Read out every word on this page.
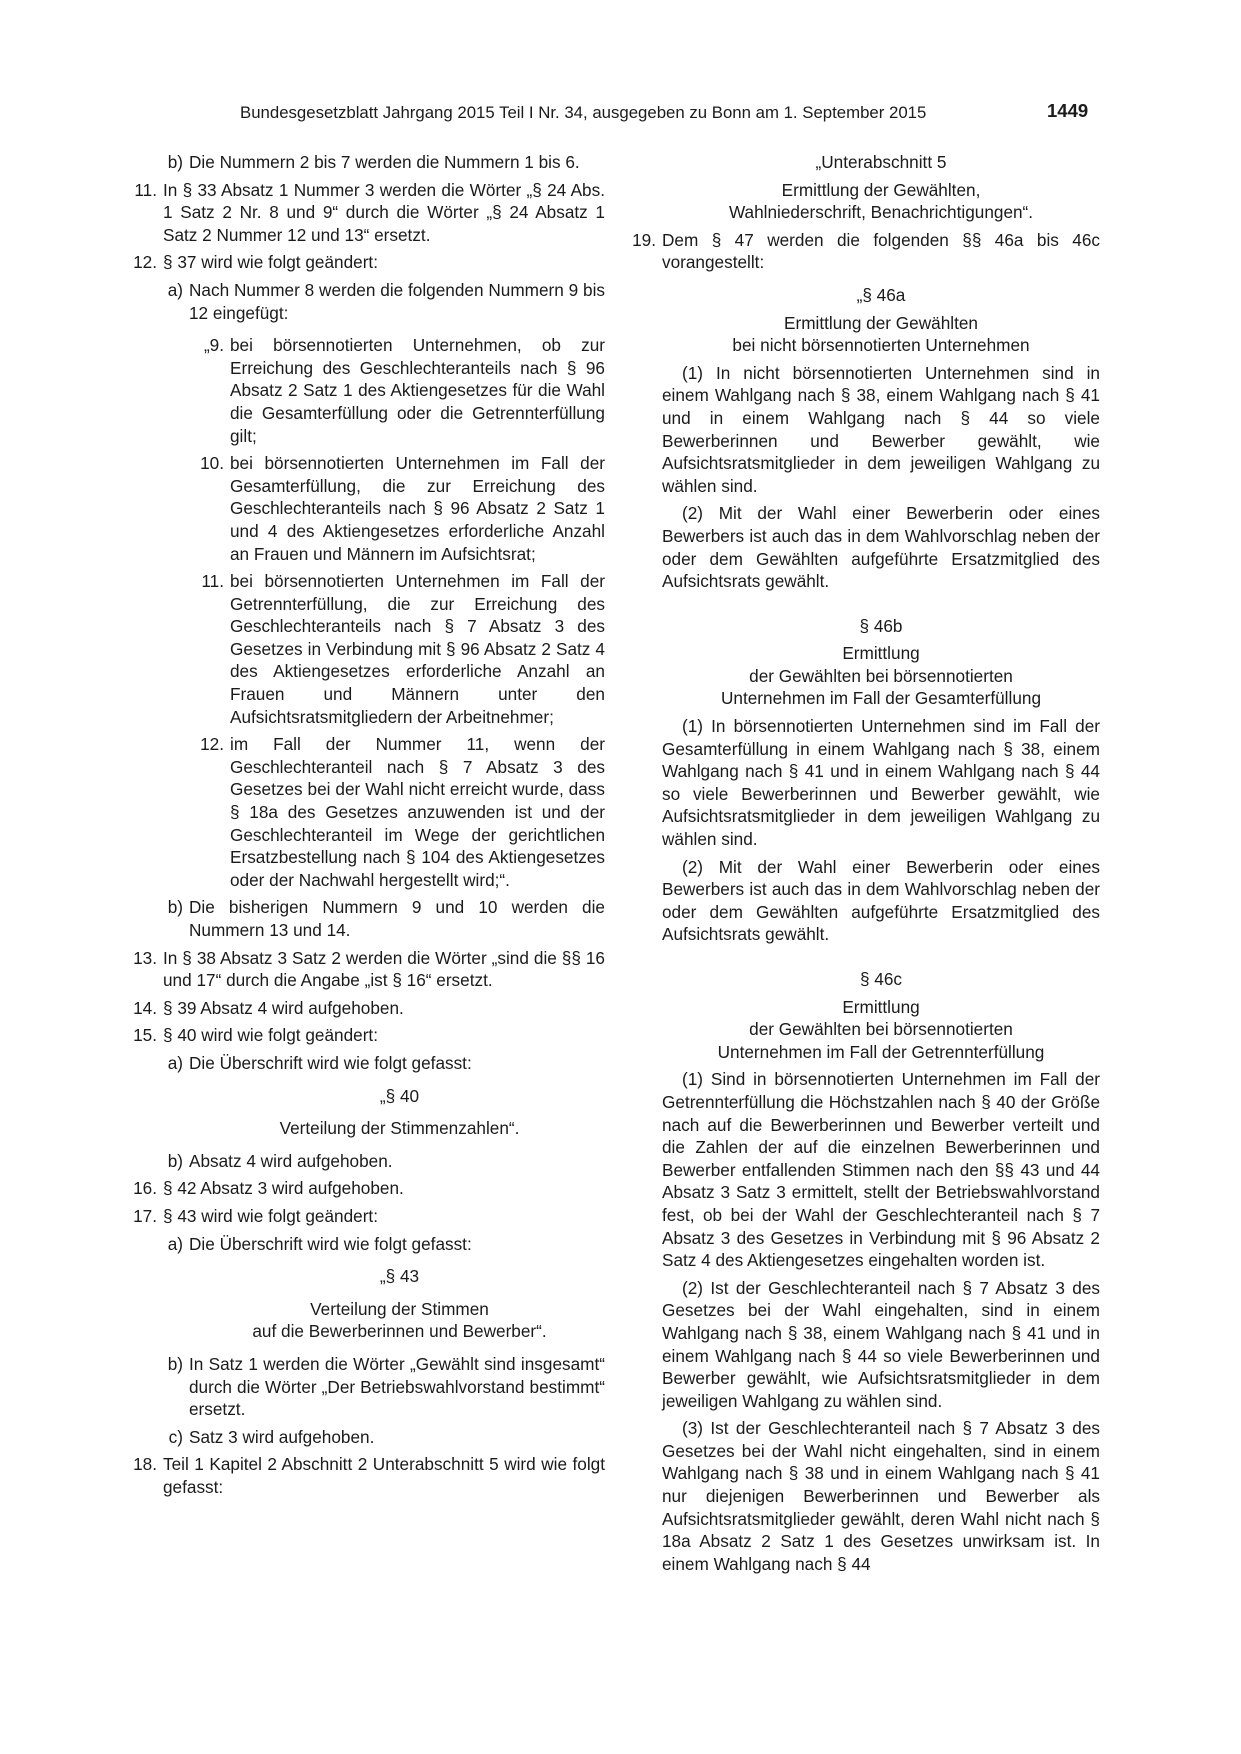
Bundesgesetzblatt Jahrgang 2015 Teil I Nr. 34, ausgegeben zu Bonn am 1. September 2015	1449
b) Die Nummern 2 bis 7 werden die Nummern 1 bis 6.
11. In § 33 Absatz 1 Nummer 3 werden die Wörter „§ 24 Abs. 1 Satz 2 Nr. 8 und 9“ durch die Wörter „§ 24 Absatz 1 Satz 2 Nummer 12 und 13“ ersetzt.
12. § 37 wird wie folgt geändert:
a) Nach Nummer 8 werden die folgenden Nummern 9 bis 12 eingefügt:
„9. bei börsennotierten Unternehmen, ob zur Erreichung des Geschlechteranteils nach § 96 Absatz 2 Satz 1 des Aktiengesetzes für die Wahl die Gesamterfüllung oder die Getrennterfüllung gilt;
10. bei börsennotierten Unternehmen im Fall der Gesamterfüllung, die zur Erreichung des Geschlechteranteils nach § 96 Absatz 2 Satz 1 und 4 des Aktiengesetzes erforderliche Anzahl an Frauen und Männern im Aufsichtsrat;
11. bei börsennotierten Unternehmen im Fall der Getrennterfüllung, die zur Erreichung des Geschlechteranteils nach § 7 Absatz 3 des Gesetzes in Verbindung mit § 96 Absatz 2 Satz 4 des Aktiengesetzes erforderliche Anzahl an Frauen und Männern unter den Aufsichtsratsmitgliedern der Arbeitnehmer;
12. im Fall der Nummer 11, wenn der Geschlechteranteil nach § 7 Absatz 3 des Gesetzes bei der Wahl nicht erreicht wurde, dass § 18a des Gesetzes anzuwenden ist und der Geschlechteranteil im Wege der gerichtlichen Ersatzbestellung nach § 104 des Aktiengesetzes oder der Nachwahl hergestellt wird;“.
b) Die bisherigen Nummern 9 und 10 werden die Nummern 13 und 14.
13. In § 38 Absatz 3 Satz 2 werden die Wörter „sind die §§ 16 und 17“ durch die Angabe „ist § 16“ ersetzt.
14. § 39 Absatz 4 wird aufgehoben.
15. § 40 wird wie folgt geändert:
a) Die Überschrift wird wie folgt gefasst:

„§ 40

Verteilung der Stimmenzahlen“.

b) Absatz 4 wird aufgehoben.
16. § 42 Absatz 3 wird aufgehoben.
17. § 43 wird wie folgt geändert:
a) Die Überschrift wird wie folgt gefasst:

„§ 43

Verteilung der Stimmen

auf die Bewerberinnen und Bewerber“.

b) In Satz 1 werden die Wörter „Gewählt sind insgesamt“ durch die Wörter „Der Betriebswahlvorstand bestimmt“ ersetzt.
c) Satz 3 wird aufgehoben.
18. Teil 1 Kapitel 2 Abschnitt 2 Unterabschnitt 5 wird wie folgt gefasst:

„Unterabschnitt 5

Ermittlung der Gewählten,

Wahlniederschrift, Benachrichtigungen“.

19. Dem § 47 werden die folgenden §§ 46a bis 46c vorangestellt:

„§ 46a

Ermittlung der Gewählten

bei nicht börsennotierten Unternehmen

(1) In nicht börsennotierten Unternehmen sind in einem Wahlgang nach § 38, einem Wahlgang nach § 41 und in einem Wahlgang nach § 44 so viele Bewerberinnen und Bewerber gewählt, wie Aufsichtsratsmitglieder in dem jeweiligen Wahlgang zu wählen sind.

(2) Mit der Wahl einer Bewerberin oder eines Bewerbers ist auch das in dem Wahlvorschlag neben der oder dem Gewählten aufgeführte Ersatzmitglied des Aufsichtsrats gewählt.

§ 46b

Ermittlung

der Gewählten bei börsennotierten

Unternehmen im Fall der Gesamterfüllung

(1) In börsennotierten Unternehmen sind im Fall der Gesamterfüllung in einem Wahlgang nach § 38, einem Wahlgang nach § 41 und in einem Wahlgang nach § 44 so viele Bewerberinnen und Bewerber gewählt, wie Aufsichtsratsmitglieder in dem jeweiligen Wahlgang zu wählen sind.

(2) Mit der Wahl einer Bewerberin oder eines Bewerbers ist auch das in dem Wahlvorschlag neben der oder dem Gewählten aufgeführte Ersatzmitglied des Aufsichtsrats gewählt.

§ 46c

Ermittlung

der Gewählten bei börsennotierten

Unternehmen im Fall der Getrennterfüllung

(1) Sind in börsennotierten Unternehmen im Fall der Getrennterfüllung die Höchstzahlen nach § 40 der Größe nach auf die Bewerberinnen und Bewerber verteilt und die Zahlen der auf die einzelnen Bewerberinnen und Bewerber entfallenden Stimmen nach den §§ 43 und 44 Absatz 3 Satz 3 ermittelt, stellt der Betriebswahlvorstand fest, ob bei der Wahl der Geschlechteranteil nach § 7 Absatz 3 des Gesetzes in Verbindung mit § 96 Absatz 2 Satz 4 des Aktiengesetzes eingehalten worden ist.

(2) Ist der Geschlechteranteil nach § 7 Absatz 3 des Gesetzes bei der Wahl eingehalten, sind in einem Wahlgang nach § 38, einem Wahlgang nach § 41 und in einem Wahlgang nach § 44 so viele Bewerberinnen und Bewerber gewählt, wie Aufsichtsratsmitglieder in dem jeweiligen Wahlgang zu wählen sind.

(3) Ist der Geschlechteranteil nach § 7 Absatz 3 des Gesetzes bei der Wahl nicht eingehalten, sind in einem Wahlgang nach § 38 und in einem Wahlgang nach § 41 nur diejenigen Bewerberinnen und Bewerber als Aufsichtsratsmitglieder gewählt, deren Wahl nicht nach § 18a Absatz 2 Satz 1 des Gesetzes unwirksam ist. In einem Wahlgang nach § 44
